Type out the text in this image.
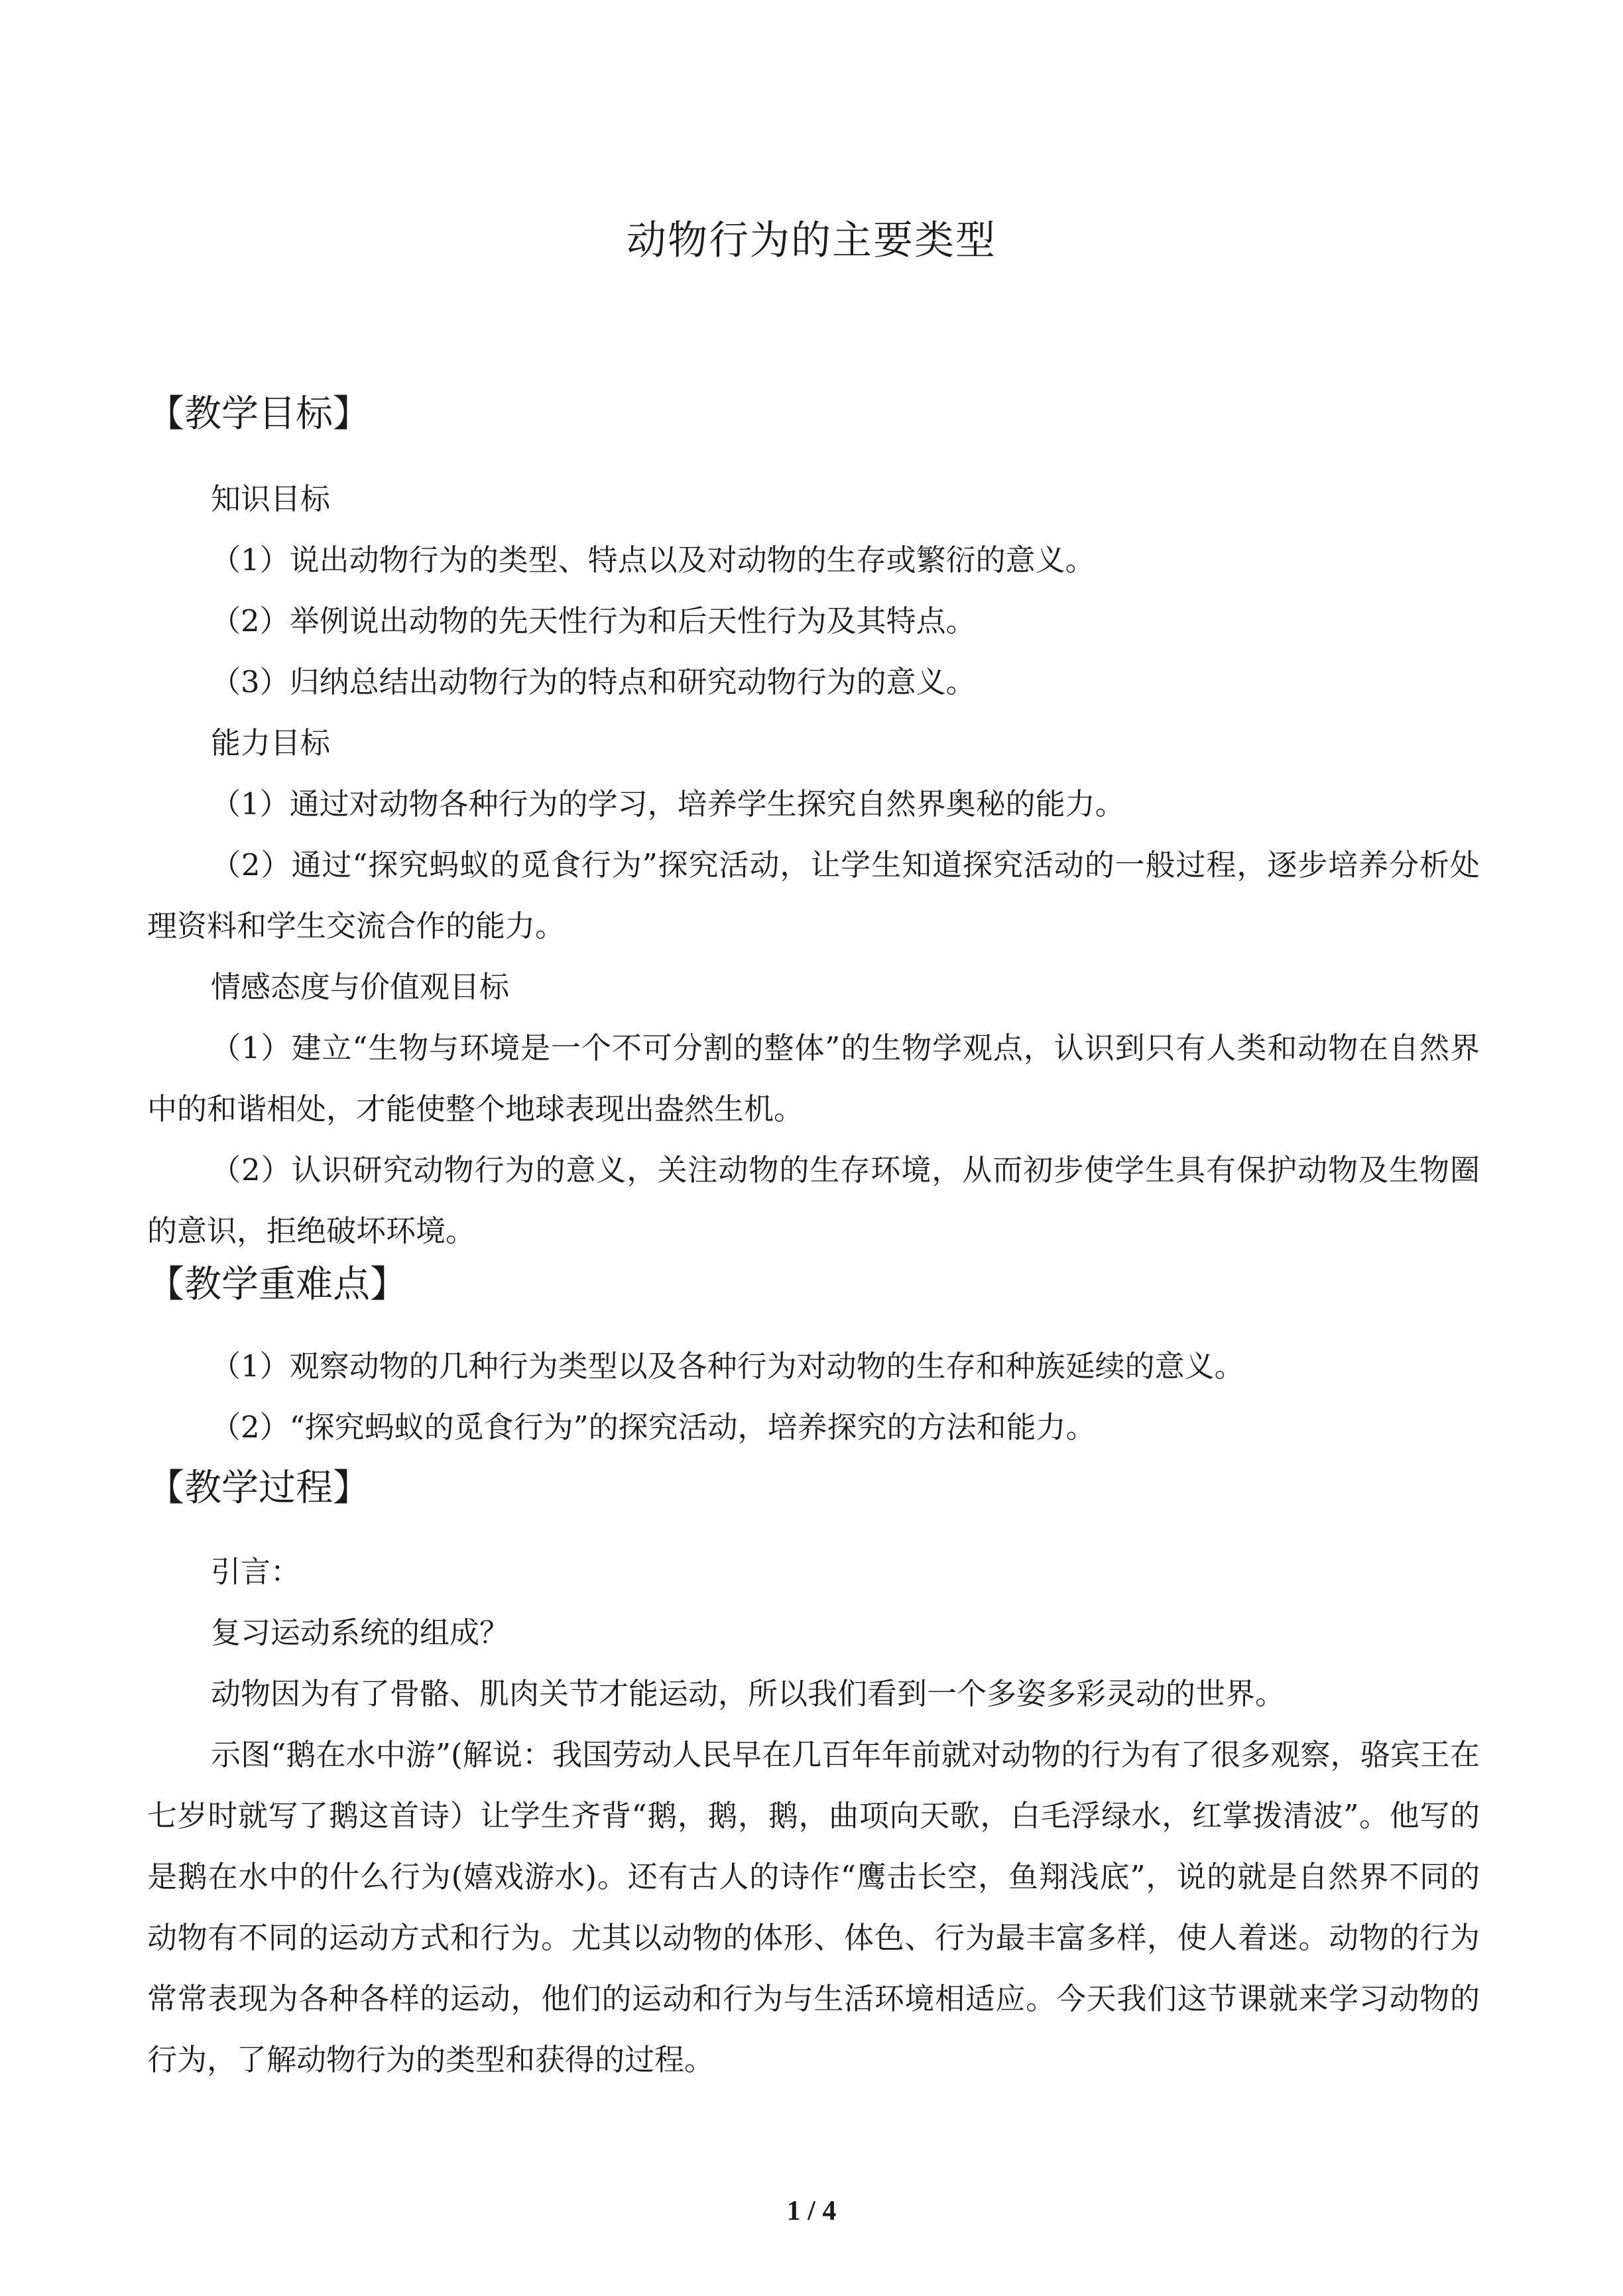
动物行为的主要类型
【教学目标】

知识目标

（1）说出动物行为的类型、特点以及对动物的生存或繁衍的意义。

（2）举例说出动物的先天性行为和后天性行为及其特点。

（3）归纳总结出动物行为的特点和研究动物行为的意义。

能力目标

（1）通过对动物各种行为的学习，培养学生探究自然界奥秘的能力。

（2）通过“探究蚂蚁的觅食行为”探究活动，让学生知道探究活动的一般过程，逐步培养分析处理资料和学生交流合作的能力。

情感态度与价值观目标

（1）建立“生物与环境是一个不可分割的整体”的生物学观点，认识到只有人类和动物在自然界中的和谐相处，才能使整个地球表现出盎然生机。

（2）认识研究动物行为的意义，关注动物的生存环境，从而初步使学生具有保护动物及生物圈的意识，拒绝破坏环境。

【教学重难点】

（1）观察动物的几种行为类型以及各种行为对动物的生存和种族延续的意义。

（2）“探究蚂蚁的觅食行为”的探究活动，培养探究的方法和能力。

【教学过程】

引言：

复习运动系统的组成？

动物因为有了骨骼、肌肉关节才能运动，所以我们看到一个多姿多彩灵动的世界。

示图“鹅在水中游”(解说：我国劳动人民早在几百年年前就对动物的行为有了很多观察，骆宾王在七岁时就写了鹅这首诗）让学生齐背“鹅，鹅，鹅，曲项向天歌，白毛浮绿水，红掌拨清波”。他写的是鹅在水中的什么行为(嬉戏游水)。还有古人的诗作“鹰击长空，鱼翔浅底”，说的就是自然界不同的动物有不同的运动方式和行为。尤其以动物的体形、体色、行为最丰富多样，使人着迷。动物的行为常常表现为各种各样的运动，他们的运动和行为与生活环境相适应。今天我们这节课就来学习动物的行为，了解动物行为的类型和获得的过程。

1 / 4
